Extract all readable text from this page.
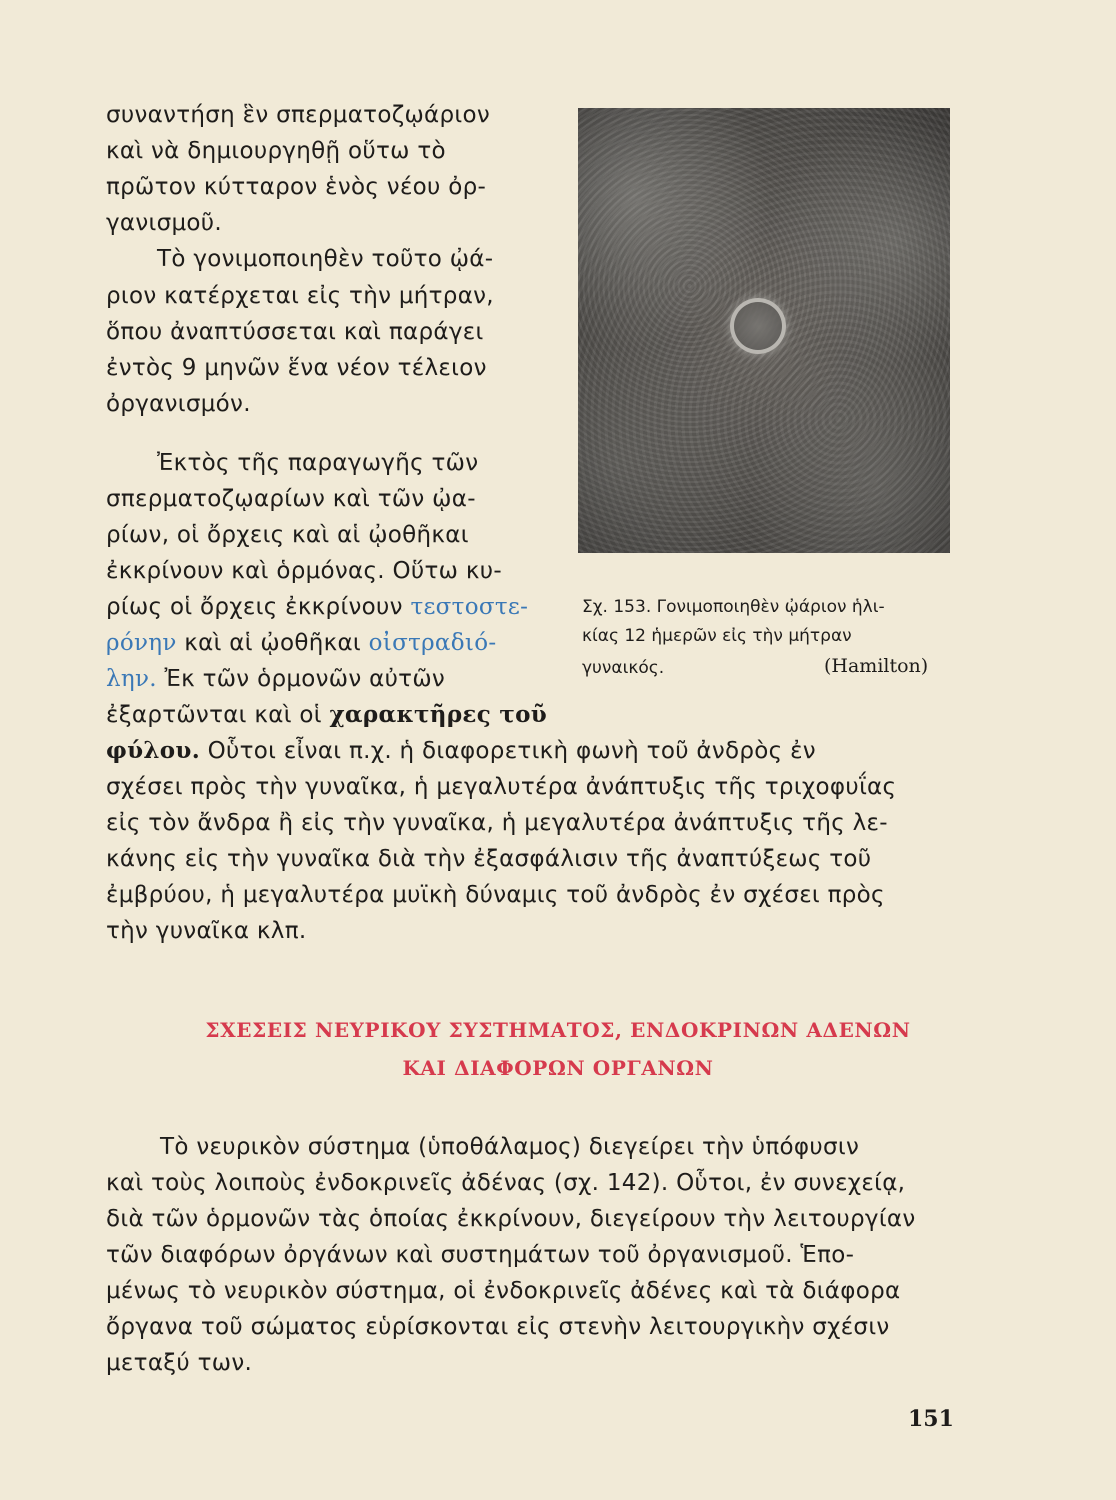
συναντήση ἓν σπερματοζῳάριον
καὶ νὰ δημιουργηθῇ οὕτω τὸ
πρῶτον κύτταρον ἑνὸς νέου ὀρ-
γανισμοῦ.
Τὸ γονιμοποιηθὲν τοῦτο ᾠά-
ριον κατέρχεται εἰς τὴν μήτραν,
ὅπου ἀναπτύσσεται καὶ παράγει
ἐντὸς 9 μηνῶν ἕνα νέον τέλειον
ὀργανισμόν.
Ἐκτὸς τῆς παραγωγῆς τῶν
σπερματοζῳαρίων καὶ τῶν ᾠα-
ρίων, οἱ ὄρχεις καὶ αἱ ᾠοθῆκαι
ἐκκρίνουν καὶ ὁρμόνας. Οὕτω κυ-
ρίως οἱ ὄρχεις ἐκκρίνουν τεστοστε-
ρόνην καὶ αἱ ᾠοθῆκαι οἰστραδιό-
λην. Ἐκ τῶν ὁρμονῶν αὐτῶν
ἐξαρτῶνται καὶ οἱ χαρακτῆρες τοῦ
Σχ. 153. Γονιμοποιηθὲν ᾠάριον ἡλι-
κίας 12 ἡμερῶν εἰς τὴν μήτραν
γυναικός.	(Hamilton)
φύλου. Οὗτοι εἶναι π.χ. ἡ διαφορετικὴ φωνὴ τοῦ ἀνδρὸς ἐν
σχέσει πρὸς τὴν γυναῖκα, ἡ μεγαλυτέρα ἀνάπτυξις τῆς τριχοφυΐας
εἰς τὸν ἄνδρα ἢ εἰς τὴν γυναῖκα, ἡ μεγαλυτέρα ἀνάπτυξις τῆς λε-
κάνης εἰς τὴν γυναῖκα διὰ τὴν ἐξασφάλισιν τῆς ἀναπτύξεως τοῦ
ἐμβρύου, ἡ μεγαλυτέρα μυϊκὴ δύναμις τοῦ ἀνδρὸς ἐν σχέσει πρὸς
τὴν γυναῖκα κλπ.
ΣΧΕΣΕΙΣ ΝΕΥΡΙΚΟΥ ΣΥΣΤΗΜΑΤΟΣ, ΕΝΔΟΚΡΙΝΩΝ ΑΔΕΝΩΝ
ΚΑΙ ΔΙΑΦΟΡΩΝ ΟΡΓΑΝΩΝ
Τὸ νευρικὸν σύστημα (ὑποθάλαμος) διεγείρει τὴν ὑπόφυσιν
καὶ τοὺς λοιποὺς ἐνδοκρινεῖς ἀδένας (σχ. 142). Οὗτοι, ἐν συνεχείᾳ,
διὰ τῶν ὁρμονῶν τὰς ὁποίας ἐκκρίνουν, διεγείρουν τὴν λειτουργίαν
τῶν διαφόρων ὀργάνων καὶ συστημάτων τοῦ ὀργανισμοῦ. Ἑπο-
μένως τὸ νευρικὸν σύστημα, οἱ ἐνδοκρινεῖς ἀδένες καὶ τὰ διάφορα
ὄργανα τοῦ σώματος εὑρίσκονται εἰς στενὴν λειτουργικὴν σχέσιν
μεταξύ των.
151
